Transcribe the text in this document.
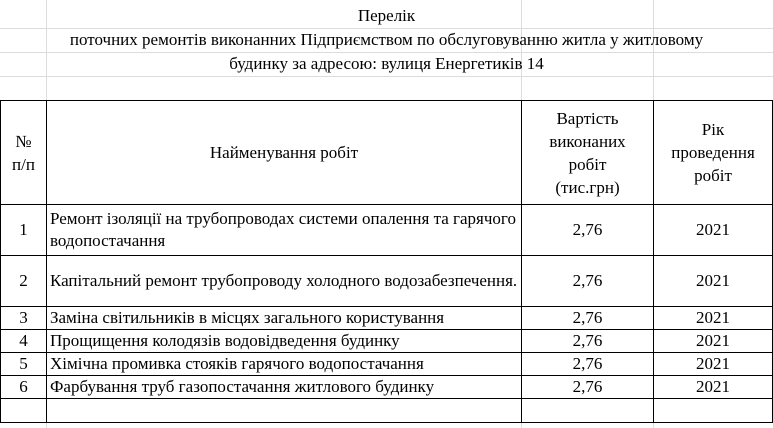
Перелік
поточних ремонтів виконанних Підприємством по обслуговуванню житла у житловому
будинку за адресою: вулиця Енергетиків 14
№ п/п	Найменування робіт	Вартість виконаних робіт (тис.грн)	Рік проведення робіт
1	Ремонт ізоляції на трубопроводах системи опалення та гарячого водопостачання	2,76	2021
2	Капітальний ремонт трубопроводу холодного водозабезпечення.	2,76	2021
3	Заміна світильників в місцях загального користування	2,76	2021
4	Прощищення колодязів водовідведення будинку	2,76	2021
5	Хімічна промивка стояків гарячого водопостачання	2,76	2021
6	Фарбування труб газопостачання житлового будинку	2,76	2021
